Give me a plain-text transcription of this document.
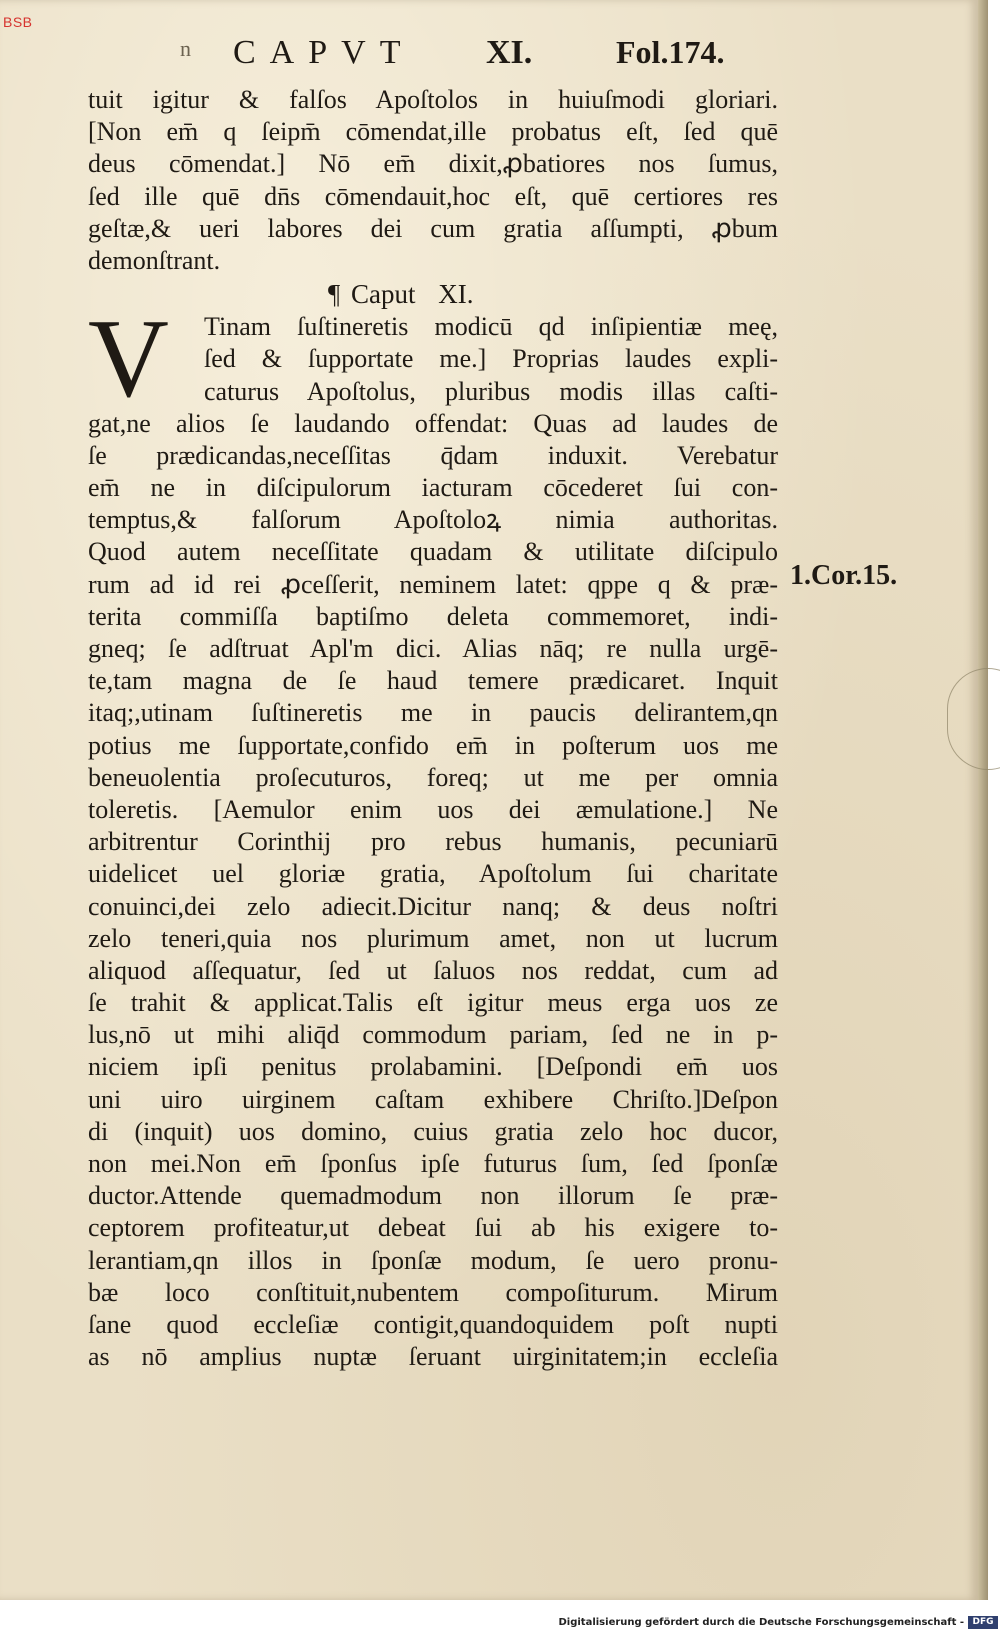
BSB
n CAPVT XI.	Fol.174.
tuit igitur & falſos Apoſtolos in huiuſmodi gloriari.
[Non em̄ q ſeipm̄ cōmendat,ille probatus eſt, ſed quē
deus cōmendat.] Nō em̄ dixit,ꝓbatiores nos ſumus,
ſed ille quē dn̄s cōmendauit,hoc eſt, quē certiores res
geſtæ,& ueri labores dei cum gratia aſſumpti, ꝓbum
demonſtrant.
¶ Caput XI.
V	Tinam ſuſtineretis modicū qd inſipientiæ meę,
ſed & ſupportate me.] Proprias laudes expli-
caturus Apoſtolus, pluribus modis illas caſti-
gat,ne alios ſe laudando offendat: Quas ad laudes de
ſe prædicandas,neceſſitas q̄dam induxit. Verebatur
em̄ ne in diſcipulorum iacturam cōcederet ſui con-
temptus,& falſorum Apoſtoloꝝ nimia authoritas.
Quod autem neceſſitate quadam & utilitate diſcipulo
rum ad id rei ꝓceſſerit, neminem latet: qppe q & præ-
terita commiſſa baptiſmo deleta commemoret, indi-
gneq; ſe adſtruat Apl'm dici. Alias nāq; re nulla urgē-
te,tam magna de ſe haud temere prædicaret. Inquit
itaq;,utinam ſuſtineretis me in paucis delirantem,qn
potius me ſupportate,confido em̄ in poſterum uos me
beneuolentia proſecuturos, foreq; ut me per omnia
toleretis. [Aemulor enim uos dei æmulatione.] Ne
arbitrentur Corinthij pro rebus humanis, pecuniarū
uidelicet uel gloriæ gratia, Apoſtolum ſui charitate
conuinci,dei zelo adiecit.Dicitur nanq; & deus noſtri
zelo teneri,quia nos plurimum amet, non ut lucrum
aliquod aſſequatur, ſed ut ſaluos nos reddat, cum ad
ſe trahit & applicat.Talis eſt igitur meus erga uos ze
lus,nō ut mihi aliq̄d commodum pariam, ſed ne in p-
niciem ipſi penitus prolabamini. [Deſpondi em̄ uos
uni uiro uirginem caſtam exhibere Chriſto.]Deſpon
di (inquit) uos domino, cuius gratia zelo hoc ducor,
non mei.Non em̄ ſponſus ipſe futurus ſum, ſed ſponſæ
ductor.Attende quemadmodum non illorum ſe præ-
ceptorem profiteatur,ut debeat ſui ab his exigere to-
lerantiam,qn illos in ſponſæ modum, ſe uero pronu-
bæ loco conſtituit,nubentem compoſiturum. Mirum
ſane quod eccleſiæ contigit,quandoquidem poſt nupti
as nō amplius nuptæ ſeruant uirginitatem;in eccleſia
1.Cor.15.
Digitalisierung gefördert durch die Deutsche Forschungsgemeinschaft - DFG
